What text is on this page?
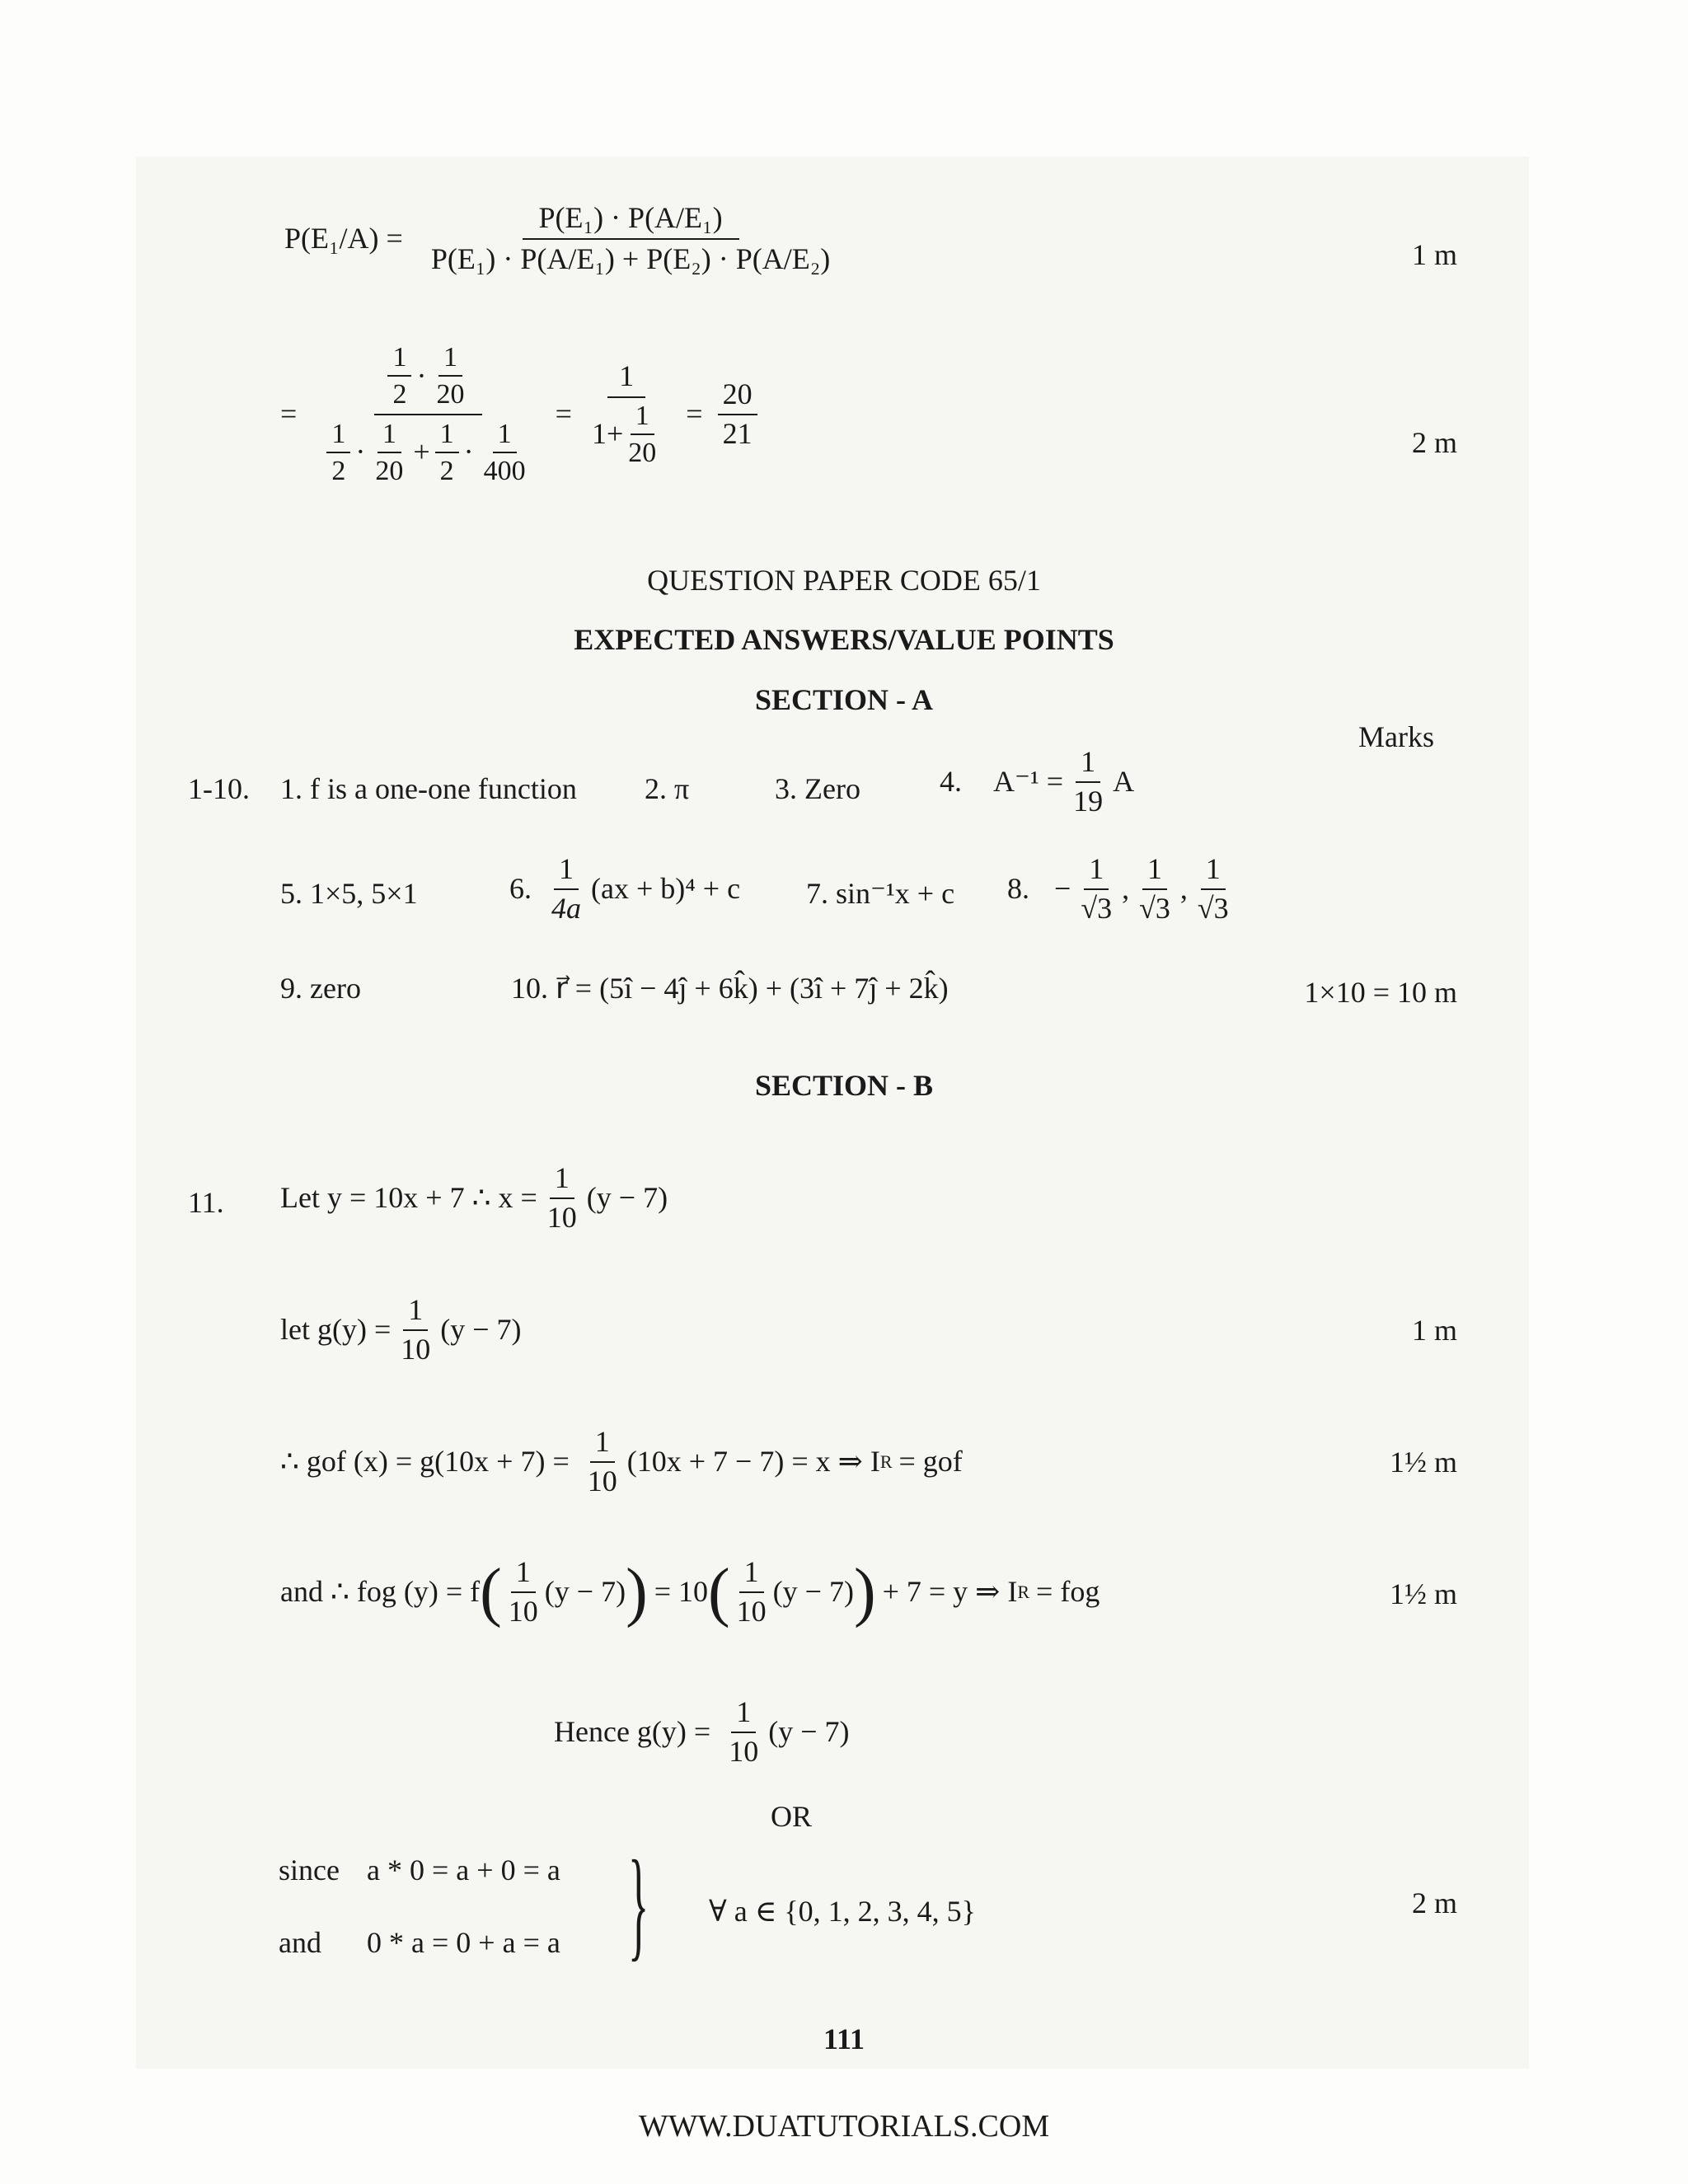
$P(E_1/A) = \frac{\text{P(E₁) · P(A/E₁)}}{\text{P(E₁) · P(A/E₁) + P(E₂) · P(A/E₂)}}$	1 m
= $\frac{\frac{1}{2} \cdot \frac{1}{20}}{\frac{1}{2} \cdot \frac{1}{20} + \frac{1}{2} \cdot \frac{1}{400}} = \frac{1}{1+ \frac{1}{20}} = \frac{20}{21}$	2 m
QUESTION PAPER CODE 65/1
EXPECTED ANSWERS/VALUE POINTS
SECTION - A
Marks
1-10. 1. f is a one-one function 2. π	3. Zero	4. $A^{-1} = \frac{1}{19}$ A
5. 1×5, 5×1	6. $\frac{1}{4a} (ax + b)^4 + c$ 7. sin⁻¹x + c 8. − $\frac{1}{√3}$ , $\frac{1}{√3}$ , $\frac{1}{√3}$
9. zero	10. r⃗ = (5î − 4ĵ + 6k̂) + (3î + 7ĵ + 2k̂)	1×10 = 10 m
SECTION - B
11. Let y = 10x + 7 ∴ $x = \frac{1}{10} (y - 7)$
let $g(y) = \frac{1}{10} (y - 7)$	1 m
∴ gof $(x) = g(10x + 7) = \frac{1}{10} (10x + 7 - 7) = x$ ⇒ I R = gof	1½ m
and ∴ fog (y) = f ( $\frac{1}{10} (y - 7)$ ) = 10 ( $\frac{1}{10} (y - 7)$ ) + 7 = y ⇒ I R = fog	1½ m
Hence $g(y) = \frac{1}{10} (y - 7)$
OR
since a * 0 = a + 0 = a
and 0 * a = 0 + a = a } ∀ a ∈ {0, 1, 2, 3, 4, 5}	2 m
111
WWW.DUATUTORIALS.COM
